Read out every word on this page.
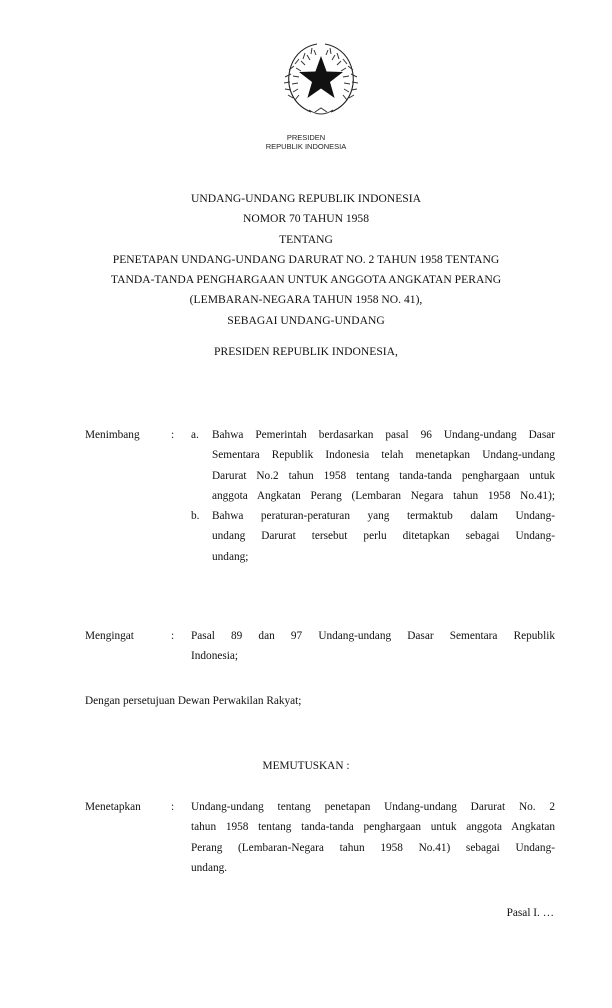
PRESIDEN
REPUBLIK INDONESIA
UNDANG-UNDANG REPUBLIK INDONESIA
NOMOR 70 TAHUN 1958
TENTANG
PENETAPAN UNDANG-UNDANG DARURAT NO. 2 TAHUN 1958 TENTANG
TANDA-TANDA PENGHARGAAN UNTUK ANGGOTA ANGKATAN PERANG
(LEMBARAN-NEGARA TAHUN 1958 NO. 41),
SEBAGAI UNDANG-UNDANG
PRESIDEN REPUBLIK INDONESIA,
Menimbang	: a. Bahwa Pemerintah berdasarkan pasal 96 Undang-undang Dasar
Sementara Republik Indonesia telah menetapkan Undang-undang
Darurat No.2 tahun 1958 tentang tanda-tanda penghargaan untuk
anggota Angkatan Perang (Lembaran Negara tahun 1958 No.41);
b. Bahwa peraturan-peraturan yang termaktub dalam Undang-
undang Darurat tersebut perlu ditetapkan sebagai Undang-
undang;
Mengingat	: Pasal 89 dan 97 Undang-undang Dasar Sementara Republik
Indonesia;
Dengan persetujuan Dewan Perwakilan Rakyat;
MEMUTUSKAN :
Menetapkan	: Undang-undang tentang penetapan Undang-undang Darurat No. 2
tahun 1958 tentang tanda-tanda penghargaan untuk anggota Angkatan
Perang (Lembaran-Negara tahun 1958 No.41) sebagai Undang-
undang.
Pasal I. …
